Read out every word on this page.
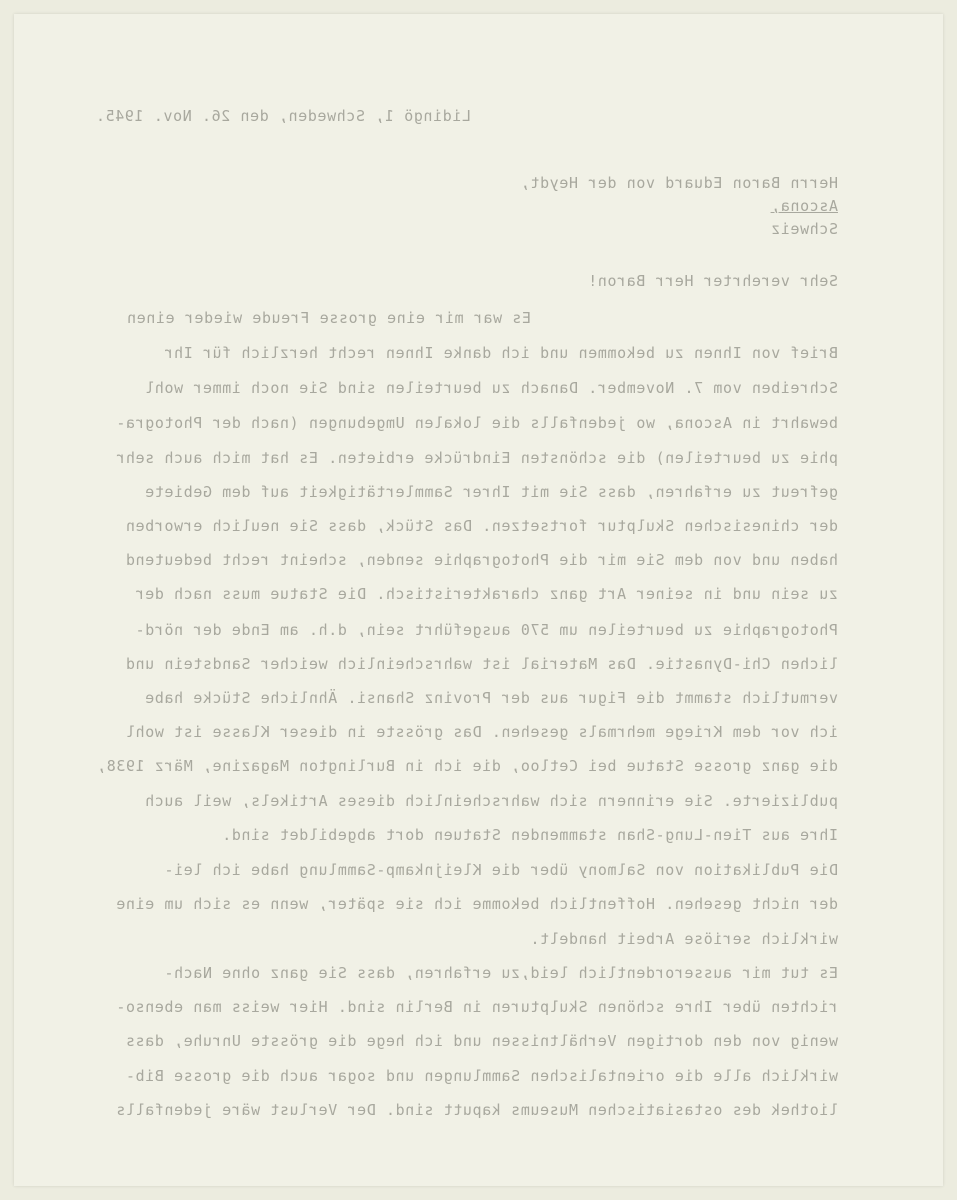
Lidingö 1, Schweden, den 26. Nov. 1945.
Herrn Baron Eduard von der Heydt,
Ascona,
Schweiz
Sehr verehrter Herr Baron!
Es war mir eine grosse Freude wieder einen
Brief von Ihnen zu bekommen und ich danke Ihnen recht herzlich für Ihr
Schreiben vom 7. November. Danach zu beurteilen sind Sie noch immer wohl
bewahrt in Ascona, wo jedenfalls die lokalen Umgebungen (nach der Photogra-
phie zu beurteilen) die schönsten Eindrücke erbieten. Es hat mich auch sehr
gefreut zu erfahren, dass Sie mit Ihrer Sammlertätigkeit auf dem Gebiete
der chinesischen Skulptur fortsetzen. Das Stück, dass Sie neulich erworben
haben und von dem Sie mir die Photographie senden, scheint recht bedeutend
zu sein und in seiner Art ganz charakteristisch. Die Statue muss nach der
Photographie zu beurteilen um 570 ausgeführt sein, d.h. am Ende der nörd-
lichen Chi-Dynastie. Das Material ist wahrscheinlich weicher Sandstein und
vermutlich stammt die Figur aus der Provinz Shansi. Ähnliche Stücke habe
ich vor dem Kriege mehrmals gesehen. Das grösste in dieser Klasse ist wohl
die ganz grosse Statue bei Cetloo, die ich in Burlington Magazine, März 1938,
publizierte. Sie erinnern sich wahrscheinlich dieses Artikels, weil auch
Ihre aus Tien-Lung-Shan stammenden Statuen dort abgebildet sind.
Die Publikation von Salmony über die Kleijnkamp-Sammlung habe ich lei-
der nicht gesehen. Hoffentlich bekomme ich sie später, wenn es sich um eine
wirklich seriöse Arbeit handelt.
Es tut mir ausserordentlich leid,zu erfahren, dass Sie ganz ohne Nach-
richten über Ihre schönen Skulpturen in Berlin sind. Hier weiss man ebenso-
wenig von den dortigen Verhältnissen und ich hege die grösste Unruhe, dass
wirklich alle die orientalischen Sammlungen und sogar auch die grosse Bib-
liothek des ostasiatischen Museums kaputt sind. Der Verlust wäre jedenfalls
